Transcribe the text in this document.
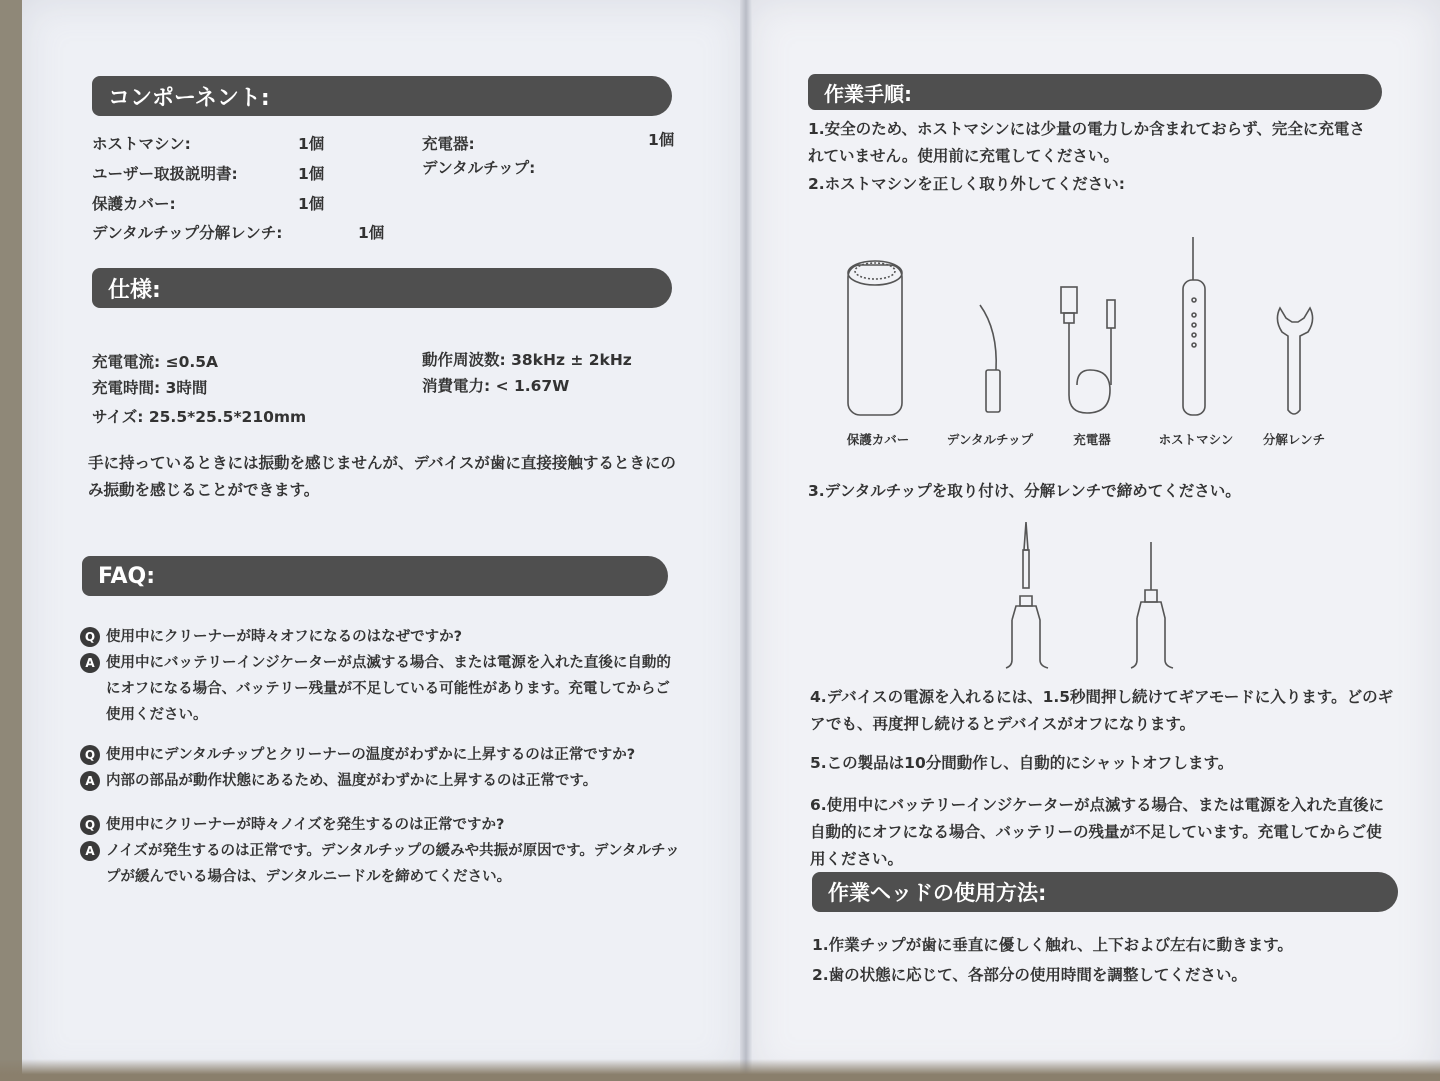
コンポーネント:
ホストマシン:	1個
ユーザー取扱説明書:	1個
保護カバー:	1個
デンタルチップ分解レンチ:	1個
充電器:	1個
デンタルチップ:
仕様:
充電電流: ≤0.5A
充電時間: 3時間
サイズ: 25.5*25.5*210mm
動作周波数: 38kHz ± 2kHz
消費電力: < 1.67W
手に持っているときには振動を感じませんが、デバイスが歯に直接接触するときにのみ振動を感じることができます。
FAQ:
Q 使用中にクリーナーが時々オフになるのはなぜですか?
A 使用中にバッテリーインジケーターが点滅する場合、または電源を入れた直後に自動的にオフになる場合、バッテリー残量が不足している可能性があります。充電してからご使用ください。
Q 使用中にデンタルチップとクリーナーの温度がわずかに上昇するのは正常ですか?
A 内部の部品が動作状態にあるため、温度がわずかに上昇するのは正常です。
Q 使用中にクリーナーが時々ノイズを発生するのは正常ですか?
A ノイズが発生するのは正常です。デンタルチップの緩みや共振が原因です。デンタルチップが緩んでいる場合は、デンタルニードルを締めてください。
作業手順:
1.安全のため、ホストマシンには少量の電力しか含まれておらず、完全に充電されていません。使用前に充電してください。
2.ホストマシンを正しく取り外してください:
保護カバー	デンタルチップ	充電器	ホストマシン	分解レンチ
3.デンタルチップを取り付け、分解レンチで締めてください。
4.デバイスの電源を入れるには、1.5秒間押し続けてギアモードに入ります。どのギアでも、再度押し続けるとデバイスがオフになります。
5.この製品は10分間動作し、自動的にシャットオフします。
6.使用中にバッテリーインジケーターが点滅する場合、または電源を入れた直後に自動的にオフになる場合、バッテリーの残量が不足しています。充電してからご使用ください。
作業ヘッドの使用方法:
1.作業チップが歯に垂直に優しく触れ、上下および左右に動きます。
2.歯の状態に応じて、各部分の使用時間を調整してください。
